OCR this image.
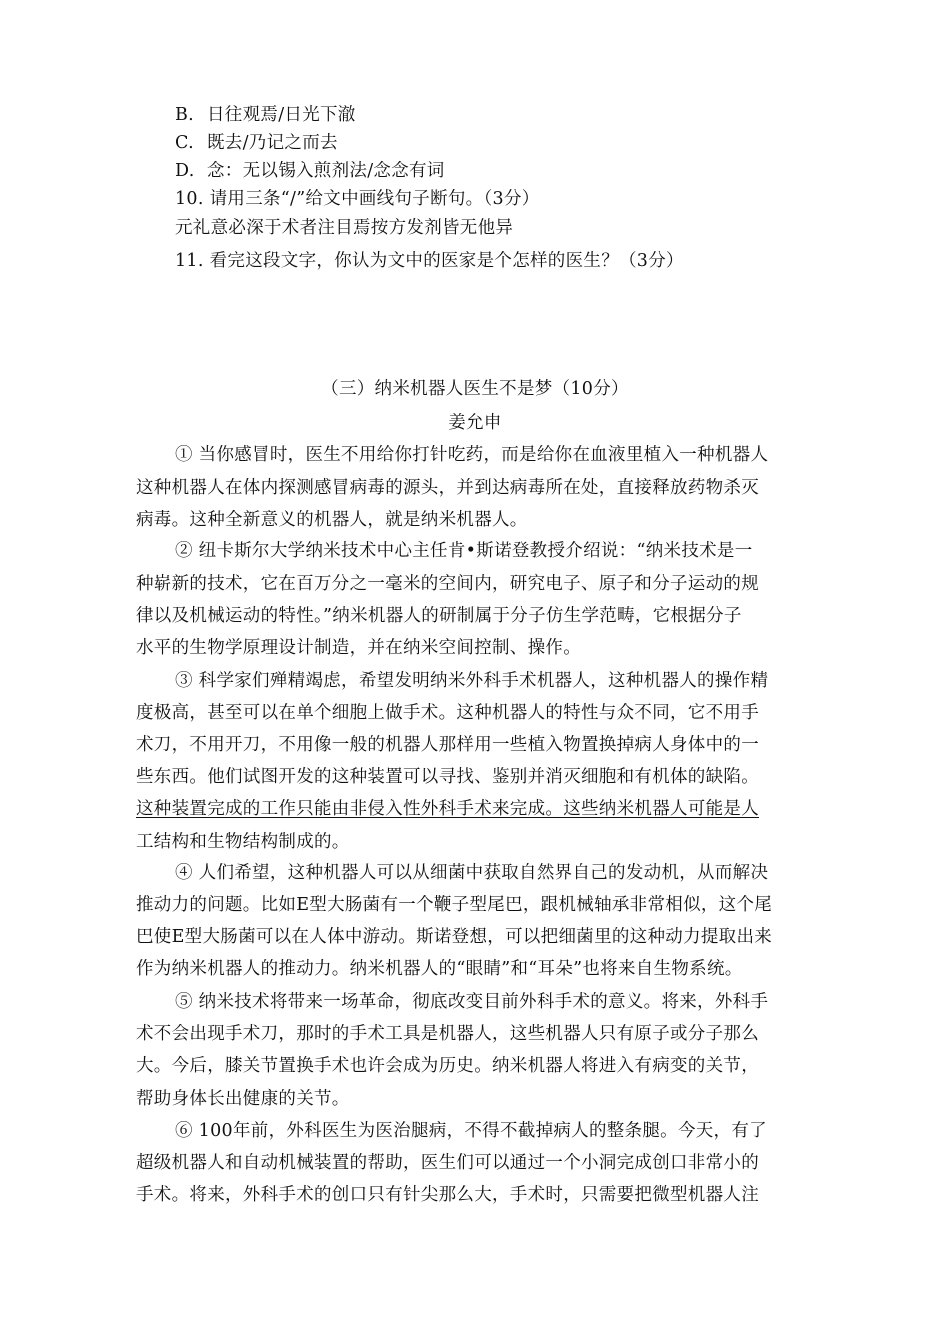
B. 日往观焉/日光下澈
C. 既去/乃记之而去
D. 念：无以锡入煎剂法/念念有词
10. 请用三条“/”给文中画线句子断句。（3分）
元礼意必深于术者注目焉按方发剂皆无他异
11. 看完这段文字，你认为文中的医家是个怎样的医生？（3分）
（三）纳米机器人医生不是梦（10分）
姜允申
① 当你感冒时，医生不用给你打针吃药，而是给你在血液里植入一种机器人
这种机器人在体内探测感冒病毒的源头，并到达病毒所在处，直接释放药物杀灭
病毒。这种全新意义的机器人，就是纳米机器人。
② 纽卡斯尔大学纳米技术中心主任肯•斯诺登教授介绍说：“纳米技术是一
种崭新的技术，它在百万分之一毫米的空间内，研究电子、原子和分子运动的规
律以及机械运动的特性。”纳米机器人的研制属于分子仿生学范畴，它根据分子
水平的生物学原理设计制造，并在纳米空间控制、操作。
③ 科学家们殚精竭虑，希望发明纳米外科手术机器人，这种机器人的操作精
度极高，甚至可以在单个细胞上做手术。这种机器人的特性与众不同，它不用手
术刀，不用开刀，不用像一般的机器人那样用一些植入物置换掉病人身体中的一
些东西。他们试图开发的这种装置可以寻找、鉴别并消灭细胞和有机体的缺陷。
这种装置完成的工作只能由非侵入性外科手术来完成。这些纳米机器人可能是人
工结构和生物结构制成的。
④ 人们希望，这种机器人可以从细菌中获取自然界自己的发动机，从而解决
推动力的问题。比如E型大肠菌有一个鞭子型尾巴，跟机械轴承非常相似，这个尾
巴使E型大肠菌可以在人体中游动。斯诺登想，可以把细菌里的这种动力提取出来
作为纳米机器人的推动力。纳米机器人的“眼睛”和“耳朵”也将来自生物系统。
⑤ 纳米技术将带来一场革命，彻底改变目前外科手术的意义。将来，外科手
术不会出现手术刀，那时的手术工具是机器人，这些机器人只有原子或分子那么
大。今后，膝关节置换手术也许会成为历史。纳米机器人将进入有病变的关节，
帮助身体长出健康的关节。
⑥ 100年前，外科医生为医治腿病，不得不截掉病人的整条腿。今天，有了
超级机器人和自动机械装置的帮助，医生们可以通过一个小洞完成创口非常小的
手术。将来，外科手术的创口只有针尖那么大，手术时，只需要把微型机器人注
